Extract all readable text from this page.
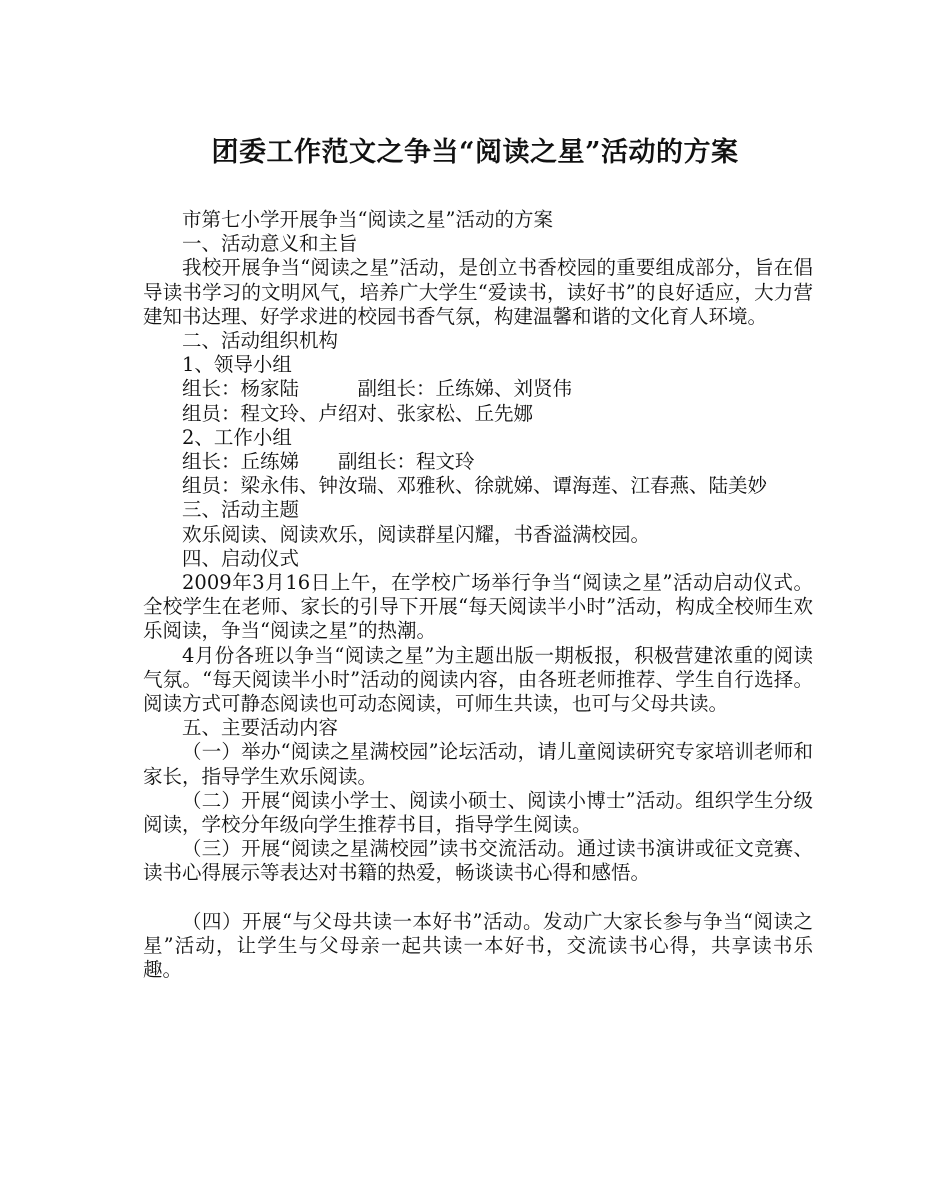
团委工作范文之争当“阅读之星”活动的方案

市第七小学开展争当“阅读之星”活动的方案

一、活动意义和主旨

我校开展争当“阅读之星”活动，是创立书香校园的重要组成部分，旨在倡导读书学习的文明风气，培养广大学生“爱读书，读好书”的良好适应，大力营建知书达理、好学求进的校园书香气氛，构建温馨和谐的文化育人环境。

二、活动组织机构

1、领导小组

组长：杨家陆　　　副组长：丘练娣、刘贤伟

组员：程文玲、卢绍对、张家松、丘先娜

2、工作小组

组长：丘练娣　　副组长：程文玲

组员：梁永伟、钟汝瑞、邓雅秋、徐就娣、谭海莲、江春燕、陆美妙

三、活动主题

欢乐阅读、阅读欢乐，阅读群星闪耀，书香溢满校园。

四、启动仪式

2009年3月16日上午，在学校广场举行争当“阅读之星”活动启动仪式。全校学生在老师、家长的引导下开展“每天阅读半小时”活动，构成全校师生欢乐阅读，争当“阅读之星”的热潮。

4月份各班以争当“阅读之星”为主题出版一期板报，积极营建浓重的阅读气氛。“每天阅读半小时”活动的阅读内容，由各班老师推荐、学生自行选择。阅读方式可静态阅读也可动态阅读，可师生共读，也可与父母共读。

五、主要活动内容

（一）举办“阅读之星满校园”论坛活动，请儿童阅读研究专家培训老师和家长，指导学生欢乐阅读。

（二）开展“阅读小学士、阅读小硕士、阅读小博士”活动。组织学生分级阅读，学校分年级向学生推荐书目，指导学生阅读。

（三）开展“阅读之星满校园”读书交流活动。通过读书演讲或征文竞赛、读书心得展示等表达对书籍的热爱，畅谈读书心得和感悟。

（四）开展“与父母共读一本好书”活动。发动广大家长参与争当“阅读之星”活动，让学生与父母亲一起共读一本好书，交流读书心得，共享读书乐趣。
